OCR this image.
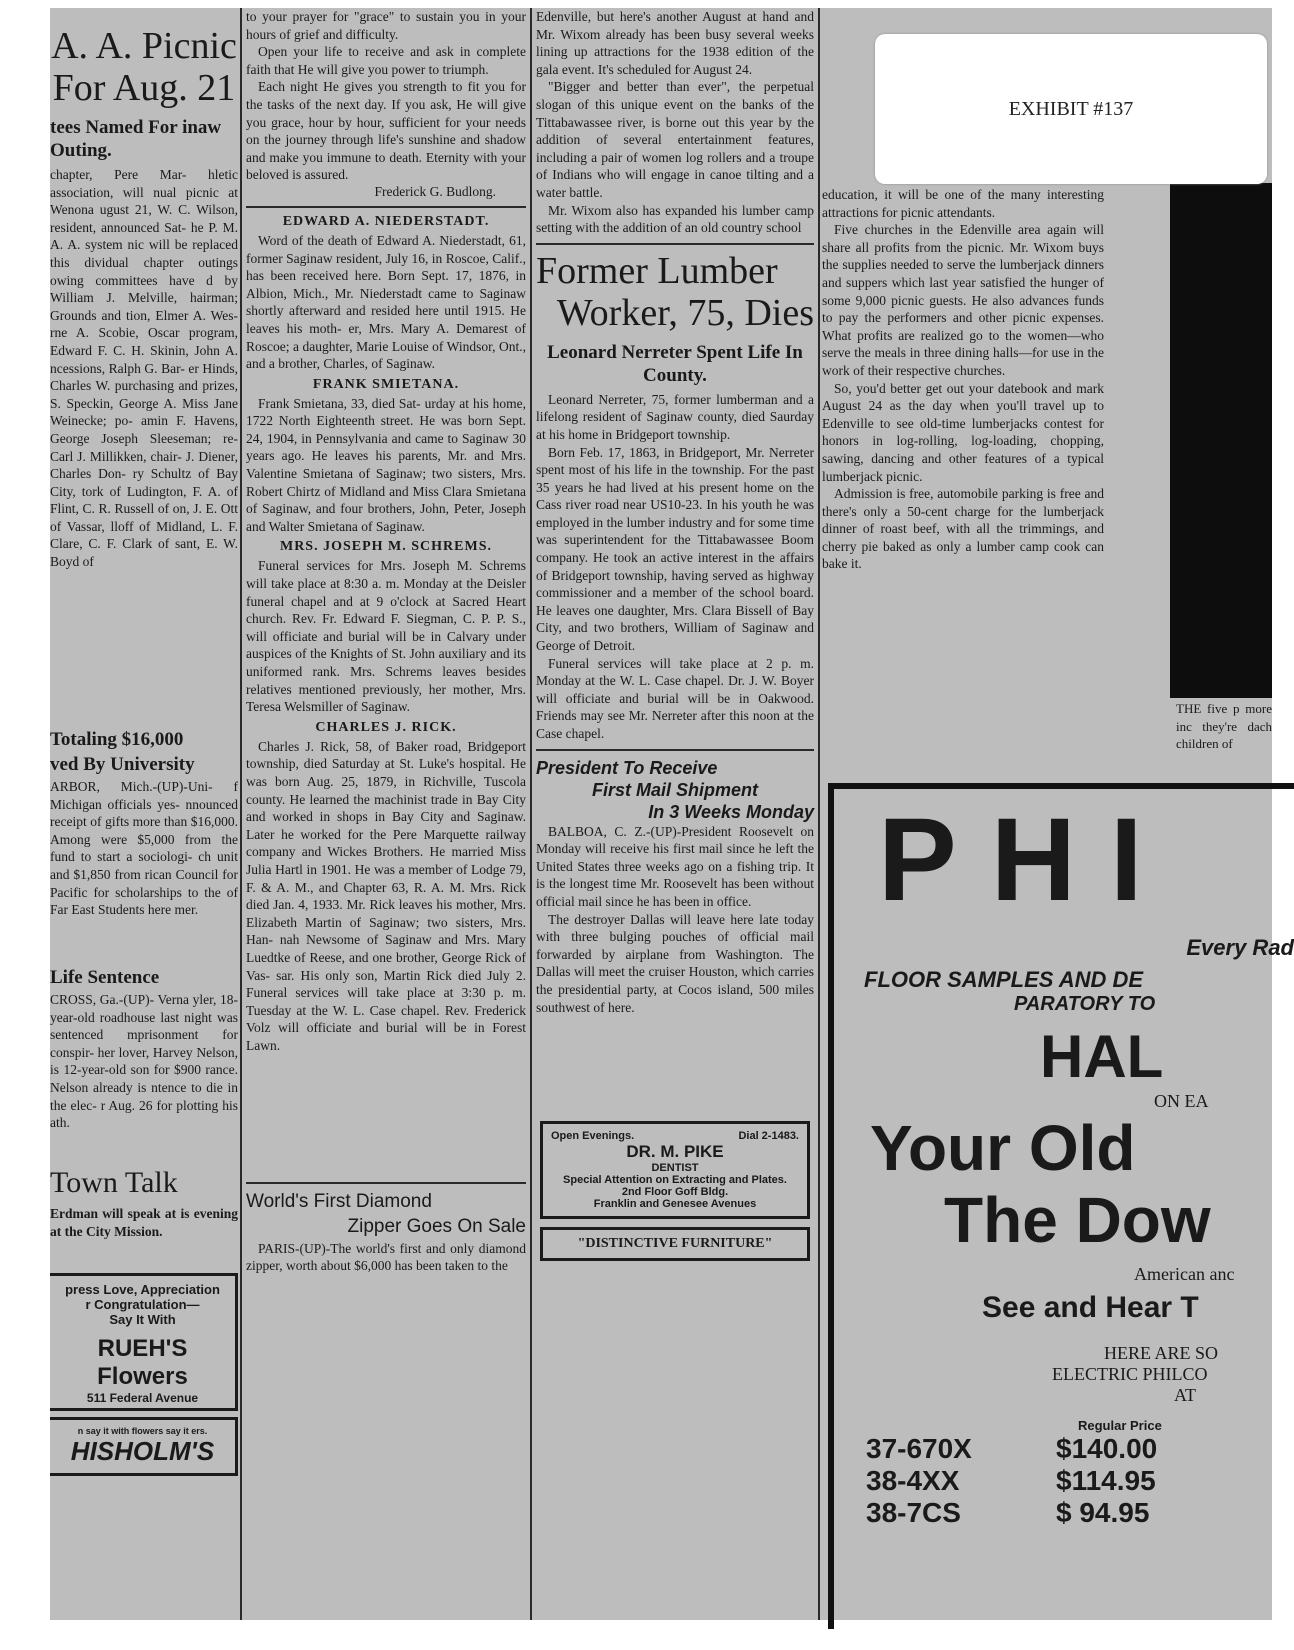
A. A. Picnic
For Aug. 21
tees Named For inaw Outing.
chapter, Pere Mar- hletic association, will nual picnic at Wenona ugust 21, W. C. Wilson, resident, announced Sat- he P. M. A. A. system nic will be replaced this dividual chapter outings owing committees have d by William J. Melville, hairman; Grounds and tion, Elmer A. Wes- rne A. Scobie, Oscar program, Edward F. C. H. Skinin, John A. ncessions, Ralph G. Bar- er Hinds, Charles W. purchasing and prizes, S. Speckin, George A. Miss Jane Weinecke; po- amin F. Havens, George Joseph Sleeseman; re- Carl J. Millikken, chair- J. Diener, Charles Don- ry Schultz of Bay City, tork of Ludington, F. A. of Flint, C. R. Russell of on, J. E. Ott of Vassar, lloff of Midland, L. F. Clare, C. F. Clark of sant, E. W. Boyd of
Totaling $16,000
ved By University
ARBOR, Mich.-(UP)-Uni- f Michigan officials yes- nnounced receipt of gifts more than $16,000. Among were $5,000 from the fund to start a sociologi- ch unit and $1,850 from rican Council for Pacific for scholarships to the of Far East Students here mer.
Life Sentence
CROSS, Ga.-(UP)- Verna yler, 18-year-old roadhouse last night was sentenced mprisonment for conspir- her lover, Harvey Nelson, is 12-year-old son for $900 rance. Nelson already is ntence to die in the elec- r Aug. 26 for plotting his ath.
Town Talk
Erdman will speak at is evening at the City Mission.
press Love, Appreciation
r Congratulation—
Say It With
RUEH'S Flowers
511 Federal Avenue
n say it with flowers say it ers.
HISHOLM'S

to your prayer for "grace" to sustain you in your hours of grief and difficulty.

Open your life to receive and ask in complete faith that He will give you power to triumph.

Each night He gives you strength to fit you for the tasks of the next day. If you ask, He will give you grace, hour by hour, sufficient for your needs on the journey through life's sunshine and shadow and make you immune to death. Eternity with your beloved is assured.

Frederick G. Budlong.
EDWARD A. NIEDERSTADT.

Word of the death of Edward A. Niederstadt, 61, former Saginaw resident, July 16, in Roscoe, Calif., has been received here. Born Sept. 17, 1876, in Albion, Mich., Mr. Niederstadt came to Saginaw shortly afterward and resided here until 1915. He leaves his moth- er, Mrs. Mary A. Demarest of Roscoe; a daughter, Marie Louise of Windsor, Ont., and a brother, Charles, of Saginaw.

FRANK SMIETANA.

Frank Smietana, 33, died Sat- urday at his home, 1722 North Eighteenth street. He was born Sept. 24, 1904, in Pennsylvania and came to Saginaw 30 years ago. He leaves his parents, Mr. and Mrs. Valentine Smietana of Saginaw; two sisters, Mrs. Robert Chirtz of Midland and Miss Clara Smietana of Saginaw, and four brothers, John, Peter, Joseph and Walter Smietana of Saginaw.

MRS. JOSEPH M. SCHREMS.

Funeral services for Mrs. Joseph M. Schrems will take place at 8:30 a. m. Monday at the Deisler funeral chapel and at 9 o'clock at Sacred Heart church. Rev. Fr. Edward F. Siegman, C. P. P. S., will officiate and burial will be in Calvary under auspices of the Knights of St. John auxiliary and its uniformed rank. Mrs. Schrems leaves besides relatives mentioned previously, her mother, Mrs. Teresa Welsmiller of Saginaw.

CHARLES J. RICK.

Charles J. Rick, 58, of Baker road, Bridgeport township, died Saturday at St. Luke's hospital. He was born Aug. 25, 1879, in Richville, Tuscola county. He learned the machinist trade in Bay City and worked in shops in Bay City and Saginaw. Later he worked for the Pere Marquette railway company and Wickes Brothers. He married Miss Julia Hartl in 1901. He was a member of Lodge 79, F. & A. M., and Chapter 63, R. A. M. Mrs. Rick died Jan. 4, 1933. Mr. Rick leaves his mother, Mrs. Elizabeth Martin of Saginaw; two sisters, Mrs. Han- nah Newsome of Saginaw and Mrs. Mary Luedtke of Reese, and one brother, George Rick of Vas- sar. His only son, Martin Rick died July 2. Funeral services will take place at 3:30 p. m. Tuesday at the W. L. Case chapel. Rev. Frederick Volz will officiate and burial will be in Forest Lawn.

World's First Diamond
Zipper Goes On Sale

PARIS-(UP)-The world's first and only diamond zipper, worth about $6,000 has been taken to the

Edenville, but here's another August at hand and Mr. Wixom already has been busy several weeks lining up attractions for the 1938 edition of the gala event. It's scheduled for August 24.

"Bigger and better than ever", the perpetual slogan of this unique event on the banks of the Tittabawassee river, is borne out this year by the addition of several entertainment features, including a pair of women log rollers and a troupe of Indians who will engage in canoe tilting and a water battle.

Mr. Wixom also has expanded his lumber camp setting with the addition of an old country school

Former Lumber
Worker, 75, Dies
Leonard Nerreter Spent Life In County.

Leonard Nerreter, 75, former lumberman and a lifelong resident of Saginaw county, died Saurday at his home in Bridgeport township.

Born Feb. 17, 1863, in Bridgeport, Mr. Nerreter spent most of his life in the township. For the past 35 years he had lived at his present home on the Cass river road near US10-23. In his youth he was employed in the lumber industry and for some time was superintendent for the Tittabawassee Boom company. He took an active interest in the affairs of Bridgeport township, having served as highway commissioner and a member of the school board. He leaves one daughter, Mrs. Clara Bissell of Bay City, and two brothers, William of Saginaw and George of Detroit.

Funeral services will take place at 2 p. m. Monday at the W. L. Case chapel. Dr. J. W. Boyer will officiate and burial will be in Oakwood. Friends may see Mr. Nerreter after this noon at the Case chapel.

President To Receive
First Mail Shipment
In 3 Weeks Monday

BALBOA, C. Z.-(UP)-President Roosevelt on Monday will receive his first mail since he left the United States three weeks ago on a fishing trip. It is the longest time Mr. Roosevelt has been without official mail since he has been in office.

The destroyer Dallas will leave here late today with three bulging pouches of official mail forwarded by airplane from Washington. The Dallas will meet the cruiser Houston, which carries the presidential party, at Cocos island, 500 miles southwest of here.

Open Evenings.	Dial 2-1483.
DR. M. PIKE
DENTIST
Special Attention on Extracting and Plates.
2nd Floor Goff Bldg.
Franklin and Genesee Avenues
"DISTINCTIVE FURNITURE"

education, it will be one of the many interesting attractions for picnic attendants.

Five churches in the Edenville area again will share all profits from the picnic. Mr. Wixom buys the supplies needed to serve the lumberjack dinners and suppers which last year satisfied the hunger of some 9,000 picnic guests. He also advances funds to pay the performers and other picnic expenses. What profits are realized go to the women—who serve the meals in three dining halls—for use in the work of their respective churches.

So, you'd better get out your datebook and mark August 24 as the day when you'll travel up to Edenville to see old-time lumberjacks contest for honors in log-rolling, log-loading, chopping, sawing, dancing and other features of a typical lumberjack picnic.

Admission is free, automobile parking is free and there's only a 50-cent charge for the lumberjack dinner of roast beef, with all the trimmings, and cherry pie baked as only a lumber camp cook can bake it.

THE five p more inc they're dach children of
PHI
Every Rad
FLOOR SAMPLES AND DE
PARATORY TO
HAL
ON EA
Your Old
The Dow
American anc
See and Hear T
HERE ARE SO
ELECTRIC PHILCO
AT
Regular Price
37-670X	$140.00
38-4XX	$114.95
38-7CS	$ 94.95
EXHIBIT #137
